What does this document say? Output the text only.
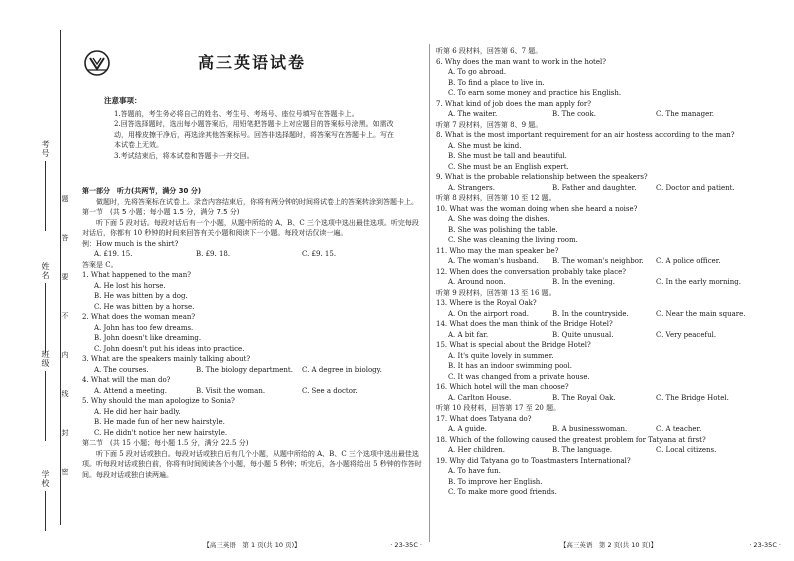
考号
姓名
班级
学校
题
答
要
不
内
线
封
密
高三英语试卷
注意事项：

1.答题前，考生务必将自己的姓名、考生号、考场号、座位号填写在答题卡上。

2.回答选择题时，选出每小题答案后，用铅笔把答题卡上对应题目的答案标号涂黑。如需改动，用橡皮擦干净后，再选涂其他答案标号。回答非选择题时，将答案写在答题卡上。写在本试卷上无效。

3.考试结束后，将本试卷和答题卡一并交回。

第一部分　听力(共两节，满分 30 分)
做题时，先将答案标在试卷上。录音内容结束后，你将有两分钟的时间将试卷上的答案转涂到答题卡上。
第一节　(共 5 小题；每小题 1.5 分，满分 7.5 分)
听下面 5 段对话。每段对话后有一个小题，从题中所给的 A、B、C 三个选项中选出最佳选项。听完每段对话后，你都有 10 秒钟的时间来回答有关小题和阅读下一小题。每段对话仅读一遍。
例：How much is the shirt?
A. £19. 15.	B. £9. 18.	C. £9. 15.
答案是 C。
1. What happened to the man?
A. He lost his horse.
B. He was bitten by a dog.
C. He was bitten by a horse.
2. What does the woman mean?
A. John has too few dreams.
B. John doesn't like dreaming.
C. John doesn't put his ideas into practice.
3. What are the speakers mainly talking about?
A. The courses.	B. The biology department.	C. A degree in biology.
4. What will the man do?
A. Attend a meeting.	B. Visit the woman.	C. See a doctor.
5. Why should the man apologize to Sonia?
A. He did her hair badly.
B. He made fun of her new hairstyle.
C. He didn't notice her new hairstyle.
第二节　(共 15 小题；每小题 1.5 分，满分 22.5 分)
听下面 5 段对话或独白。每段对话或独白后有几个小题，从题中所给的 A、B、C 三个选项中选出最佳选项。听每段对话或独白前，你将有时间阅读各个小题，每小题 5 秒钟；听完后，各小题将给出 5 秒钟的作答时间。每段对话或独白读两遍。
【高三英语　第 1 页(共 10 页)】	· 23-35C ·
听第 6 段材料，回答第 6、7 题。
6. Why does the man want to work in the hotel?
A. To go abroad.
B. To find a place to live in.
C. To earn some money and practice his English.
7. What kind of job does the man apply for?
A. The waiter.	B. The cook.	C. The manager.
听第 7 段材料，回答第 8、9 题。
8. What is the most important requirement for an air hostess according to the man?
A. She must be kind.
B. She must be tall and beautiful.
C. She must be an English expert.
9. What is the probable relationship between the speakers?
A. Strangers.	B. Father and daughter.	C. Doctor and patient.
听第 8 段材料，回答第 10 至 12 题。
10. What was the woman doing when she heard a noise?
A. She was doing the dishes.
B. She was polishing the table.
C. She was cleaning the living room.
11. Who may the man speaker be?
A. The woman's husband.	B. The woman's neighbor.	C. A police officer.
12. When does the conversation probably take place?
A. Around noon.	B. In the evening.	C. In the early morning.
听第 9 段材料，回答第 13 至 16 题。
13. Where is the Royal Oak?
A. On the airport road.	B. In the countryside.	C. Near the main square.
14. What does the man think of the Bridge Hotel?
A. A bit far.	B. Quite unusual.	C. Very peaceful.
15. What is special about the Bridge Hotel?
A. It's quite lovely in summer.
B. It has an indoor swimming pool.
C. It was changed from a private house.
16. Which hotel will the man choose?
A. Carlton House.	B. The Royal Oak.	C. The Bridge Hotel.
听第 10 段材料，回答第 17 至 20 题。
17. What does Tatyana do?
A. A guide.	B. A businesswoman.	C. A teacher.
18. Which of the following caused the greatest problem for Tatyana at first?
A. Her children.	B. The language.	C. Local citizens.
19. Why did Tatyana go to Toastmasters International?
A. To have fun.
B. To improve her English.
C. To make more good friends.
【高三英语　第 2 页(共 10 页)】	· 23-35C ·
